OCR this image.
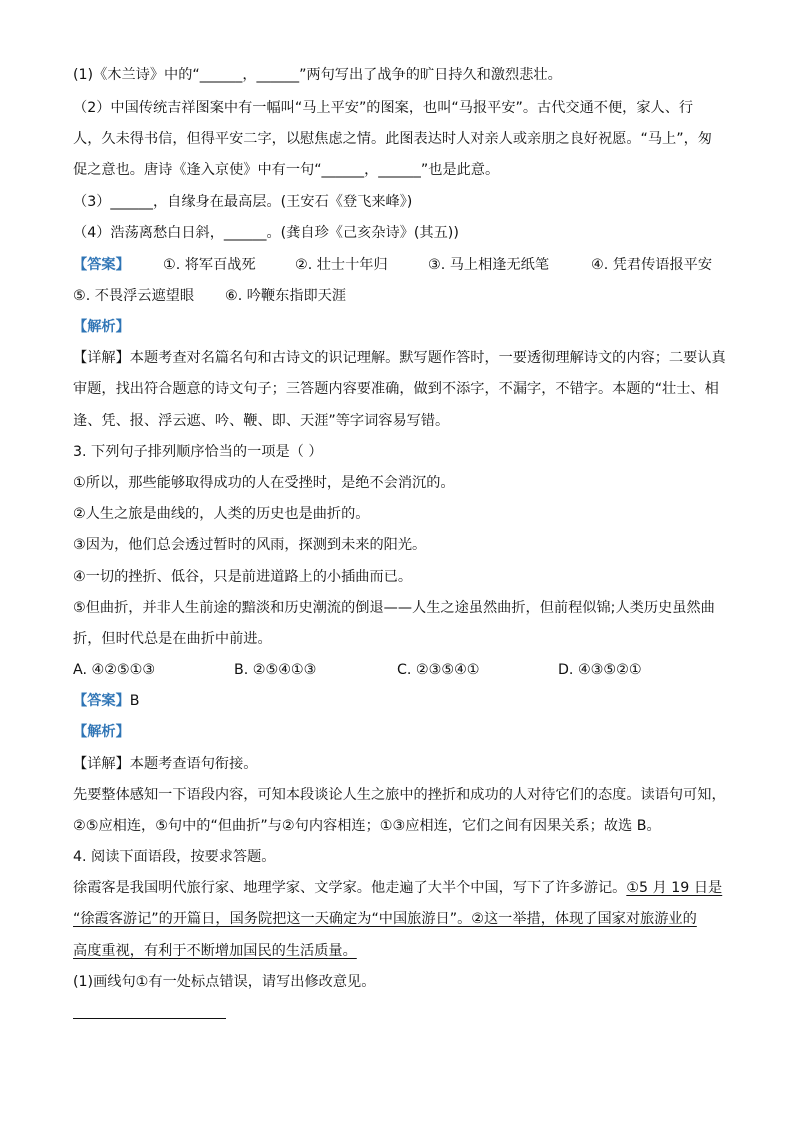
(1)《木兰诗》中的“______，______”两句写出了战争的旷日持久和激烈悲壮。
（2）中国传统吉祥图案中有一幅叫“马上平安”的图案，也叫“马报平安”。古代交通不便，家人、行
人，久未得书信，但得平安二字，以慰焦虑之情。此图表达时人对亲人或亲朋之良好祝愿。“马上”，匆
促之意也。唐诗《逢入京使》中有一句“______，______”也是此意。
（3）______，自缘身在最高层。(王安石《登飞来峰》)
（4）浩荡离愁白日斜，______。(龚自珍《己亥杂诗》(其五))
【答案】 ①. 将军百战死	②. 壮士十年归	③. 马上相逢无纸笔	④. 凭君传语报平安
⑤. 不畏浮云遮望眼 ⑥. 吟鞭东指即天涯
【解析】
【详解】本题考查对名篇名句和古诗文的识记理解。默写题作答时，一要透彻理解诗文的内容；二要认真
审题，找出符合题意的诗文句子；三答题内容要准确，做到不添字，不漏字，不错字。本题的“壮士、相
逢、凭、报、浮云遮、吟、鞭、即、天涯”等字词容易写错。
3. 下列句子排列顺序恰当的一项是（ ）
①所以，那些能够取得成功的人在受挫时，是绝不会消沉的。
②人生之旅是曲线的，人类的历史也是曲折的。
③因为，他们总会透过暂时的风雨，探测到未来的阳光。
④一切的挫折、低谷，只是前进道路上的小插曲而已。
⑤但曲折，并非人生前途的黯淡和历史潮流的倒退——人生之途虽然曲折，但前程似锦;人类历史虽然曲
折，但时代总是在曲折中前进。
A. ④②⑤①③	B. ②⑤④①③	C. ②③⑤④①	D. ④③⑤②①
【答案】B
【解析】
【详解】本题考查语句衔接。
先要整体感知一下语段内容，可知本段谈论人生之旅中的挫折和成功的人对待它们的态度。读语句可知，
②⑤应相连，⑤句中的“但曲折”与②句内容相连；①③应相连，它们之间有因果关系；故选 B。
4. 阅读下面语段，按要求答题。
徐霞客是我国明代旅行家、地理学家、文学家。他走遍了大半个中国，写下了许多游记。①5 月 19 日是
“徐霞客游记”的开篇日，国务院把这一天确定为“中国旅游日”。②这一举措，体现了国家对旅游业的
高度重视，有利于不断增加国民的生活质量。
(1)画线句①有一处标点错误，请写出修改意见。
